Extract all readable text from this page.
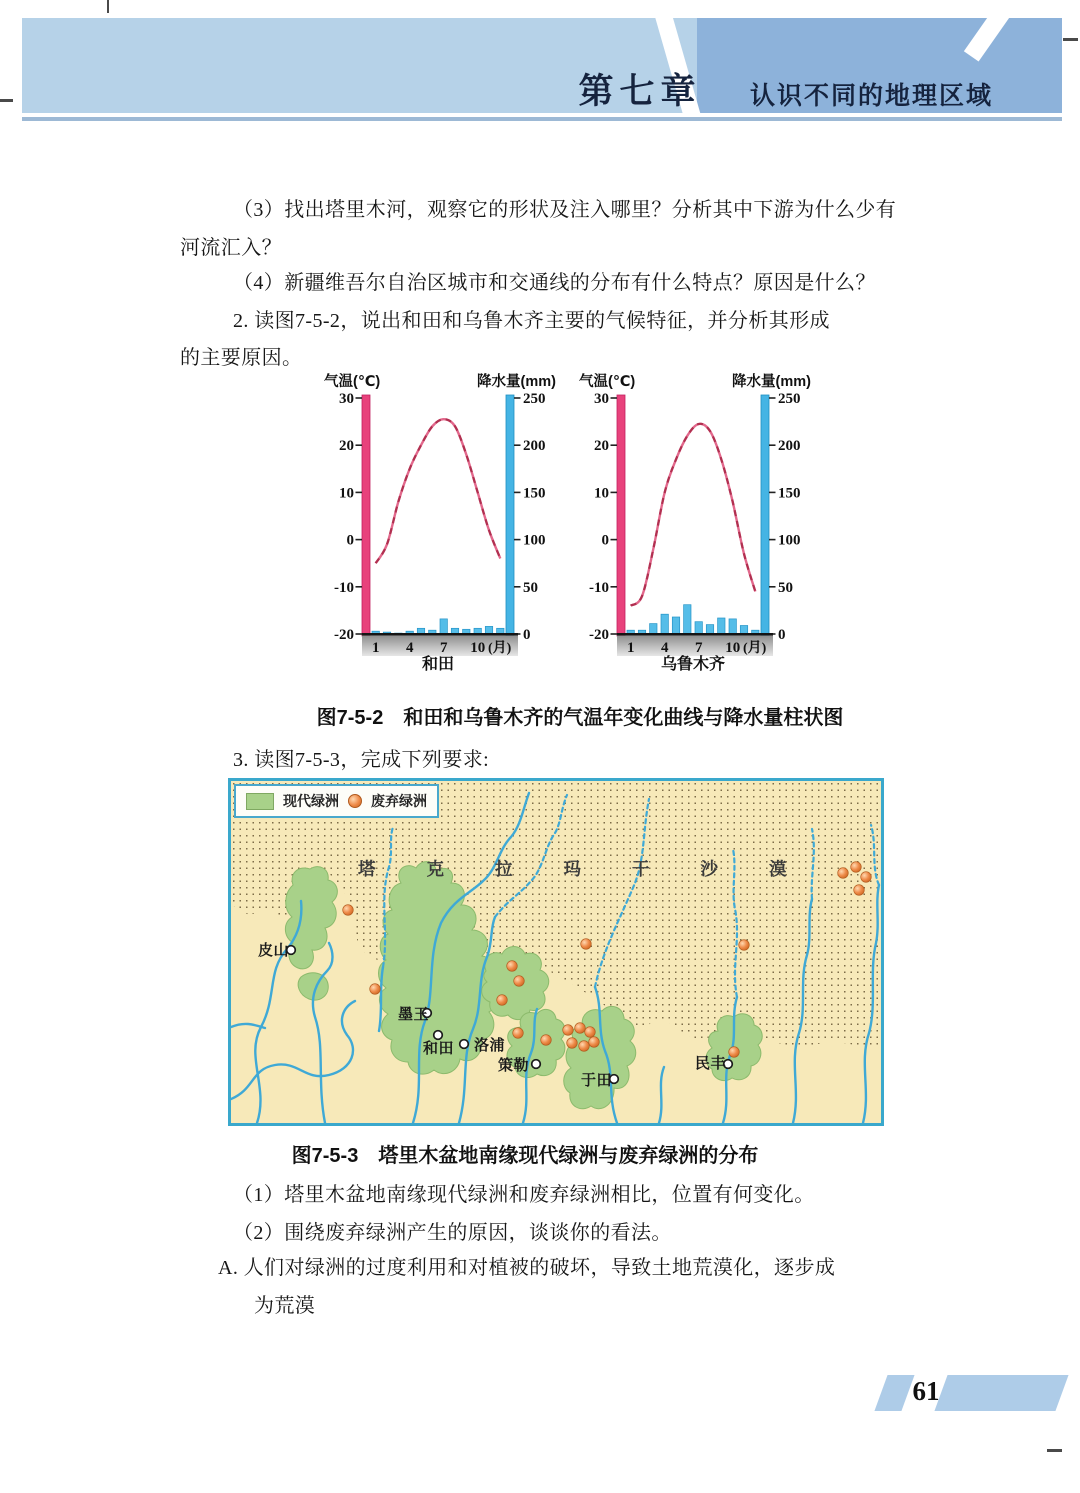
第七章	认识不同的地理区域
（3）找出塔里木河，观察它的形状及注入哪里？分析其中下游为什么少有
河流汇入？
（4）新疆维吾尔自治区城市和交通线的分布有什么特点？原因是什么？
2. 读图7-5-2，说出和田和乌鲁木齐主要的气候特征，并分析其形成
的主要原因。
气温(℃)	降水量(mm)
30
20
10
0
-10
-20
250
200
150
100
50
0
1 4 7 10 (月)
和田
气温(℃)	降水量(mm)
30
20
10
0
-10
-20
250
200
150
100
50
0
1 4 7 10 (月)
乌鲁木齐
图7-5-2　和田和乌鲁木齐的气温年变化曲线与降水量柱状图
3. 读图7-5-3，完成下列要求:
塔	克	拉	玛	干	沙	漠
皮山
墨玉
和田 洛浦
策勒
于田
民丰
现代绿洲 废弃绿洲
图7-5-3　塔里木盆地南缘现代绿洲与废弃绿洲的分布
（1）塔里木盆地南缘现代绿洲和废弃绿洲相比，位置有何变化。
（2）围绕废弃绿洲产生的原因，谈谈你的看法。
A. 人们对绿洲的过度利用和对植被的破坏，导致土地荒漠化，逐步成
为荒漠
61
